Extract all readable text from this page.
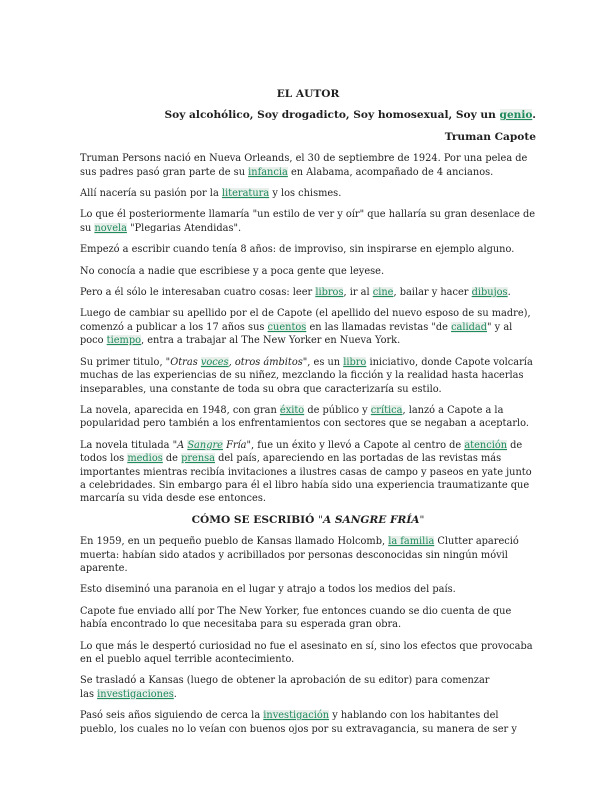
EL AUTOR

Soy alcohólico, Soy drogadicto, Soy homosexual, Soy un genio.

Truman Capote

Truman Persons nació en Nueva Orleands, el 30 de septiembre de 1924. Por una pelea de sus padres pasó gran parte de su infancia en Alabama, acompañado de 4 ancianos.

Allí nacería su pasión por la literatura y los chismes.

Lo que él posteriormente llamaría "un estilo de ver y oír" que hallaría su gran desenlace de su novela "Plegarias Atendidas".

Empezó a escribir cuando tenía 8 años: de improviso, sin inspirarse en ejemplo alguno.

No conocía a nadie que escribiese y a poca gente que leyese.

Pero a él sólo le interesaban cuatro cosas: leer libros, ir al cine, bailar y hacer dibujos.

Luego de cambiar su apellido por el de Capote (el apellido del nuevo esposo de su madre), comenzó a publicar a los 17 años sus cuentos en las llamadas revistas "de calidad" y al poco tiempo, entra a trabajar al The New Yorker en Nueva York.

Su primer titulo, "Otras voces, otros ámbitos", es un libro iniciativo, donde Capote volcaría muchas de las experiencias de su niñez, mezclando la ficción y la realidad hasta hacerlas inseparables, una constante de toda su obra que caracterizaría su estilo.

La novela, aparecida en 1948, con gran éxito de público y crítica, lanzó a Capote a la popularidad pero también a los enfrentamientos con sectores que se negaban a aceptarlo.

La novela titulada "A Sangre Fría", fue un éxito y llevó a Capote al centro de atención de todos los medios de prensa del país, apareciendo en las portadas de las revistas más importantes mientras recibía invitaciones a ilustres casas de campo y paseos en yate junto a celebridades. Sin embargo para él el libro había sido una experiencia traumatizante que marcaría su vida desde ese entonces.

CÓMO SE ESCRIBIÓ "A SANGRE FRÍA"

En 1959, en un pequeño pueblo de Kansas llamado Holcomb, la familia Clutter apareció muerta: habían sido atados y acribillados por personas desconocidas sin ningún móvil aparente.

Esto diseminó una paranoia en el lugar y atrajo a todos los medios del país.

Capote fue enviado allí por The New Yorker, fue entonces cuando se dio cuenta de que había encontrado lo que necesitaba para su esperada gran obra.

Lo que más le despertó curiosidad no fue el asesinato en sí, sino los efectos que provocaba en el pueblo aquel terrible acontecimiento.

Se trasladó a Kansas (luego de obtener la aprobación de su editor) para comenzar
las investigaciones.

Pasó seis años siguiendo de cerca la investigación y hablando con los habitantes del pueblo, los cuales no lo veían con buenos ojos por su extravagancia, su manera de ser y
